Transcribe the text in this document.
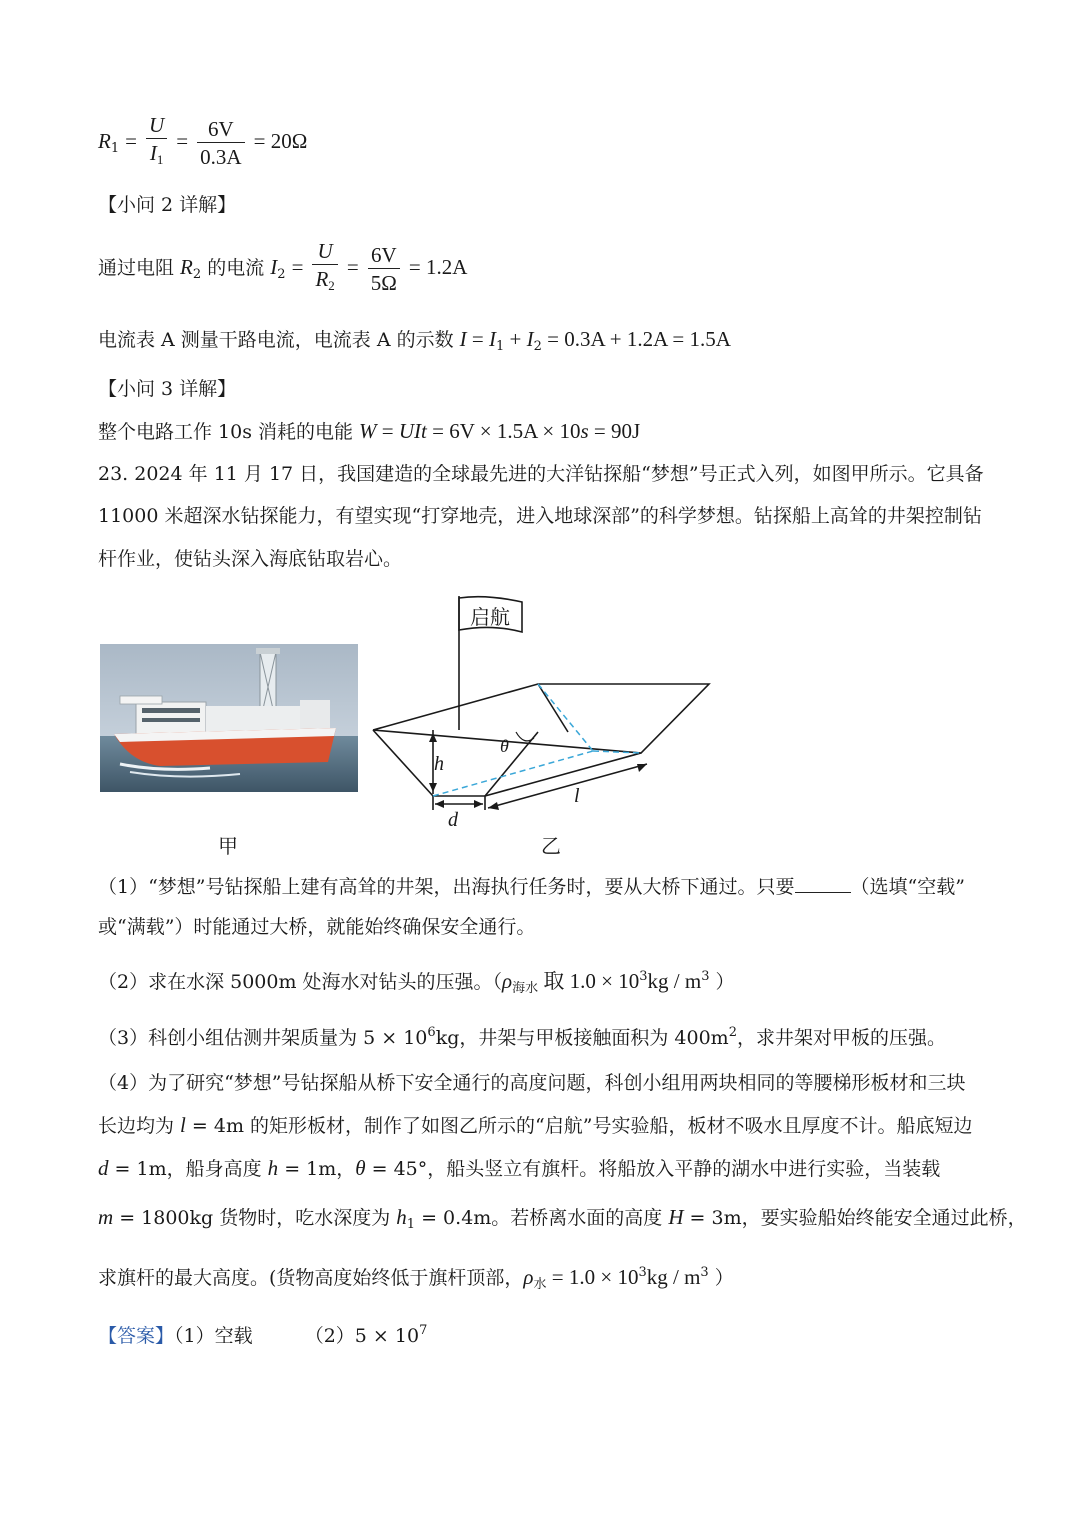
$R_1 = \frac{U}{I_1} = \frac{6V}{0.3A} = 20\Omega$
【小问 2 详解】
通过电阻 $R_2$ 的电流 $I_2 = \frac{U}{R_2} = \frac{6V}{5\Omega} = 1.2A$
电流表 A 测量干路电流，电流表 A 的示数 $I = I_1 + I_2 = 0.3A + 1.2A = 1.5A$
【小问 3 详解】
整个电路工作 10s 消耗的电能 W = UIt = 6V × 1.5A × 10s = 90J
23. 2024 年 11 月 17 日，我国建造的全球最先进的大洋钻探船“梦想”号正式入列，如图甲所示。它具备
11000 米超深水钻探能力，有望实现“打穿地壳，进入地球深部”的科学梦想。钻探船上高耸的井架控制钻
杆作业，使钻头深入海底钻取岩心。
甲
启航
h
d
l
θ
乙
（1）“梦想”号钻探船上建有高耸的井架，出海执行任务时，要从大桥下通过。只要	（选填“空载”
或“满载”）时能通过大桥，就能始终确保安全通行。
（2）求在水深 5000m 处海水对钻头的压强。（$\rho_{海水}$ 取 $1.0 \times 10^3kg / m^3$ ）
（3）科创小组估测井架质量为 $5 \times 10^6kg$，井架与甲板接触面积为 $400m^2$，求井架对甲板的压强。
（4）为了研究“梦想”号钻探船从桥下安全通行的高度问题，科创小组用两块相同的等腰梯形板材和三块
长边均为 l = 4m 的矩形板材，制作了如图乙所示的“启航”号实验船，板材不吸水且厚度不计。船底短边
d = 1m，船身高度 h = 1m，θ = 45°，船头竖立有旗杆。将船放入平静的湖水中进行实验，当装载
m = 1800kg 货物时，吃水深度为 $h_1 = 0.4m$。若桥离水面的高度 H = 3m，要实验船始终能安全通过此桥，
求旗杆的最大高度。(货物高度始终低于旗杆顶部，$\rho_水 = 1.0 \times 10^3kg / m^3$ ）
【答案】（1）空载	$(2)5 \times 10^7$
